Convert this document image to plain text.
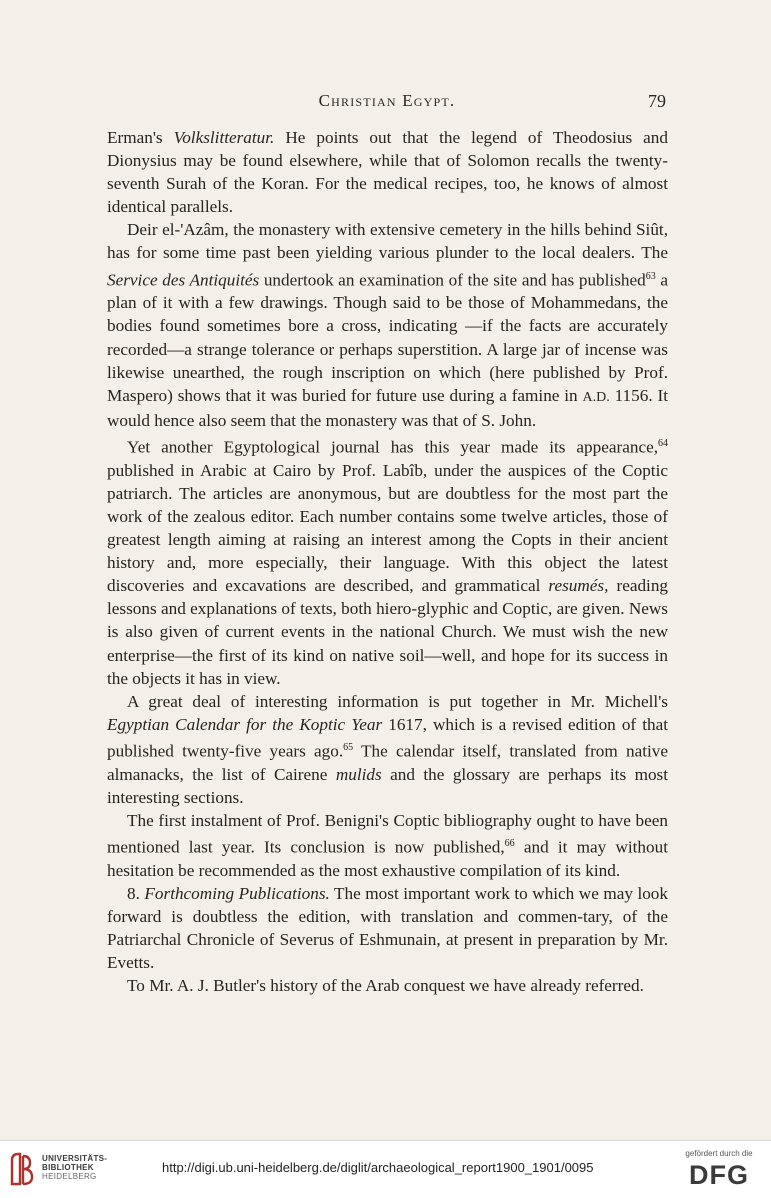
Christian Egypt.	79

Erman's Volkslitteratur. He points out that the legend of Theodosius and Dionysius may be found elsewhere, while that of Solomon recalls the twenty-seventh Surah of the Koran. For the medical recipes, too, he knows of almost identical parallels.

Deir el-'Azâm, the monastery with extensive cemetery in the hills behind Siût, has for some time past been yielding various plunder to the local dealers. The Service des Antiquités undertook an examination of the site and has published$^{63}$ a plan of it with a few drawings. Though said to be those of Mohammedans, the bodies found sometimes bore a cross, indicating —if the facts are accurately recorded—a strange tolerance or perhaps superstition. A large jar of incense was likewise unearthed, the rough inscription on which (here published by Prof. Maspero) shows that it was buried for future use during a famine in A.D. 1156. It would hence also seem that the monastery was that of S. John.

Yet another Egyptological journal has this year made its appearance,$^{64}$ published in Arabic at Cairo by Prof. Labîb, under the auspices of the Coptic patriarch. The articles are anonymous, but are doubtless for the most part the work of the zealous editor. Each number contains some twelve articles, those of greatest length aiming at raising an interest among the Copts in their ancient history and, more especially, their language. With this object the latest discoveries and excavations are described, and grammatical resumés, reading lessons and explanations of texts, both hiero-glyphic and Coptic, are given. News is also given of current events in the national Church. We must wish the new enterprise—the first of its kind on native soil—well, and hope for its success in the objects it has in view.

A great deal of interesting information is put together in Mr. Michell's Egyptian Calendar for the Koptic Year 1617, which is a revised edition of that published twenty-five years ago.$^{65}$ The calendar itself, translated from native almanacks, the list of Cairene mulids and the glossary are perhaps its most interesting sections.

The first instalment of Prof. Benigni's Coptic bibliography ought to have been mentioned last year. Its conclusion is now published,$^{66}$ and it may without hesitation be recommended as the most exhaustive compilation of its kind.

8. Forthcoming Publications. The most important work to which we may look forward is doubtless the edition, with translation and commen-tary, of the Patriarchal Chronicle of Severus of Eshmunain, at present in preparation by Mr. Evetts.

To Mr. A. J. Butler's history of the Arab conquest we have already referred.

UNIVERSITÄTS-
BIBLIOTHEK
HEIDELBERG
http://digi.ub.uni-heidelberg.de/diglit/archaeological_report1900_1901/0095
gefördert durch die
DFG
